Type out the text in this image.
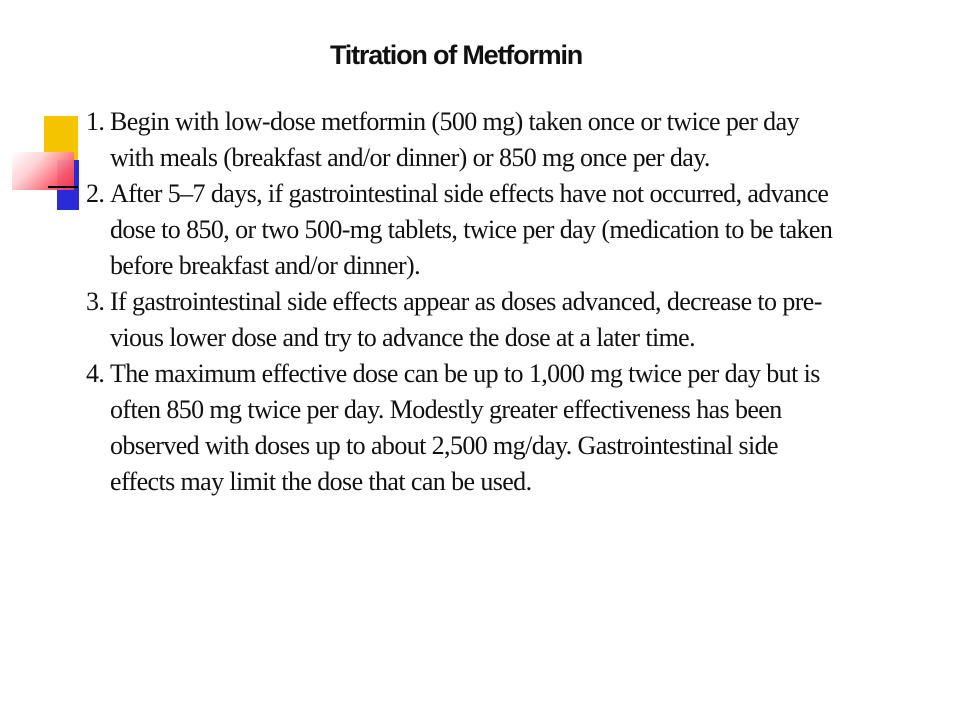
Titration of Metformin
1. Begin with low-dose metformin (500 mg) taken once or twice per day with meals (breakfast and/or dinner) or 850 mg once per day.
2. After 5–7 days, if gastrointestinal side effects have not occurred, advance dose to 850, or two 500-mg tablets, twice per day (medication to be taken before breakfast and/or dinner).
3. If gastrointestinal side effects appear as doses advanced, decrease to pre-vious lower dose and try to advance the dose at a later time.
4. The maximum effective dose can be up to 1,000 mg twice per day but is often 850 mg twice per day. Modestly greater effectiveness has been observed with doses up to about 2,500 mg/day. Gastrointestinal side effects may limit the dose that can be used.
